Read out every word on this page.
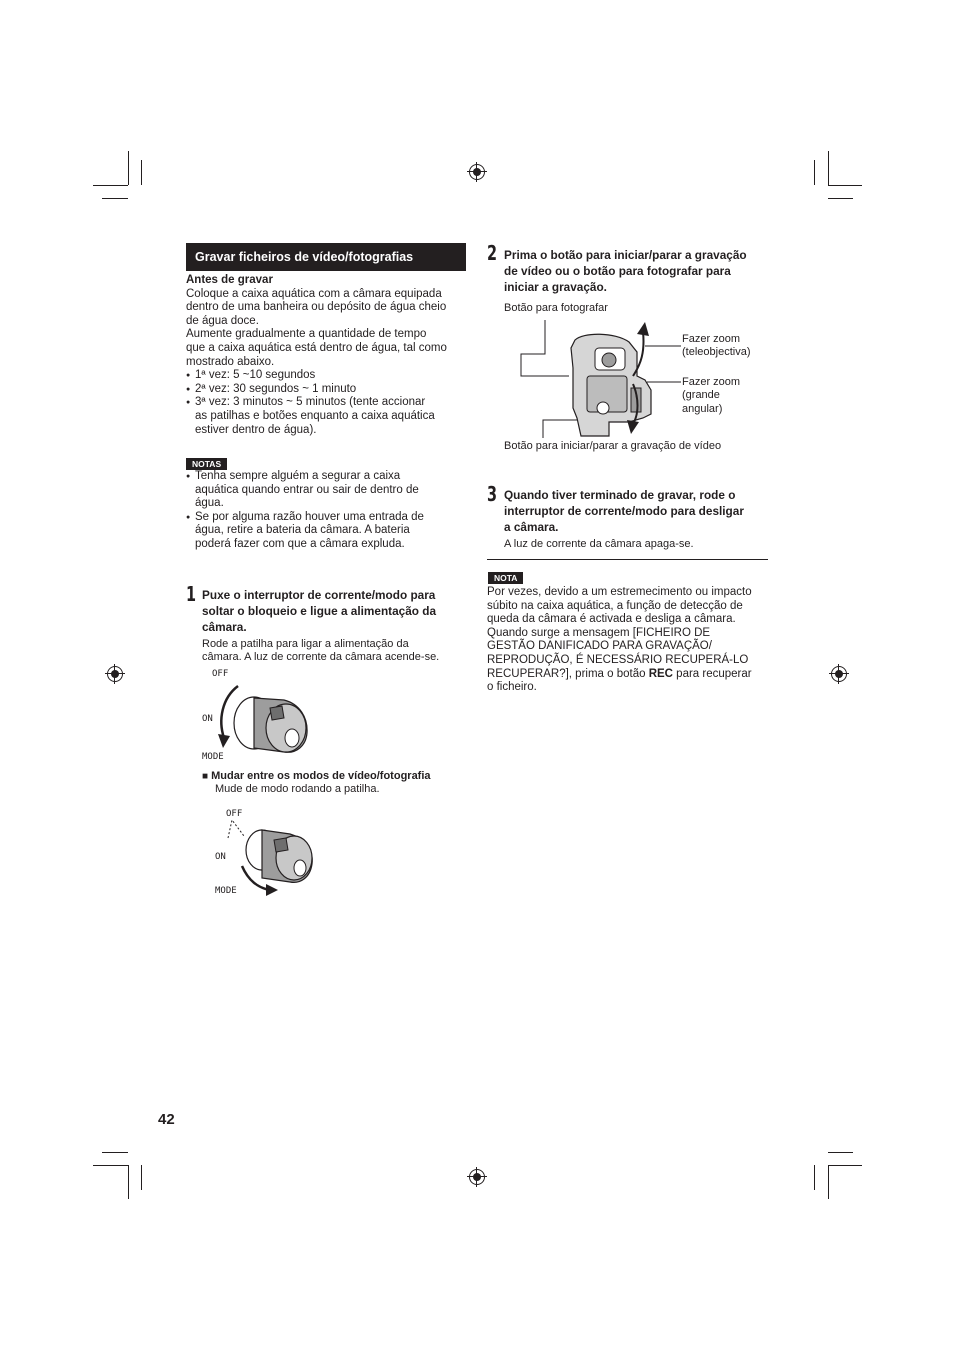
Gravar ficheiros de vídeo/fotografias
Antes de gravar
Coloque a caixa aquática com a câmara equipada
dentro de uma banheira ou depósito de água cheio
de água doce.
Aumente gradualmente a quantidade de tempo
que a caixa aquática está dentro de água, tal como
mostrado abaixo.
● 1ª vez: 5 ~10 segundos
● 2ª vez: 30 segundos ~ 1 minuto
● 3ª vez: 3 minutos ~ 5 minutos (tente accionar
as patilhas e botões enquanto a caixa aquática
estiver dentro de água).
NOTAS
● Tenha sempre alguém a segurar a caixa
aquática quando entrar ou sair de dentro de
água.
● Se por alguma razão houver uma entrada de
água, retire a bateria da câmara. A bateria
poderá fazer com que a câmara expluda.
1 Puxe o interruptor de corrente/modo para
soltar o bloqueio e ligue a alimentação da
câmara.
Rode a patilha para ligar a alimentação da
câmara. A luz de corrente da câmara acende-se.
OFF
ON
MODE
■ Mudar entre os modos de vídeo/fotografia
Mude de modo rodando a patilha.
OFF
ON
MODE
42
2 Prima o botão para iniciar/parar a gravação
de vídeo ou o botão para fotografar para
iniciar a gravação.
Botão para fotografar
Fazer zoom
(teleobjectiva)
Fazer zoom
(grande
angular)
Botão para iniciar/parar a gravação de vídeo
3 Quando tiver terminado de gravar, rode o
interruptor de corrente/modo para desligar
a câmara.
A luz de corrente da câmara apaga-se.
NOTA
Por vezes, devido a um estremecimento ou impacto
súbito na caixa aquática, a função de detecção de
queda da câmara é activada e desliga a câmara.
Quando surge a mensagem [FICHEIRO DE
GESTÃO DANIFICADO PARA GRAVAÇÃO/
REPRODUÇÃO, É NECESSÁRIO RECUPERÁ-LO
RECUPERAR?], prima o botão REC para recuperar
o ficheiro.
